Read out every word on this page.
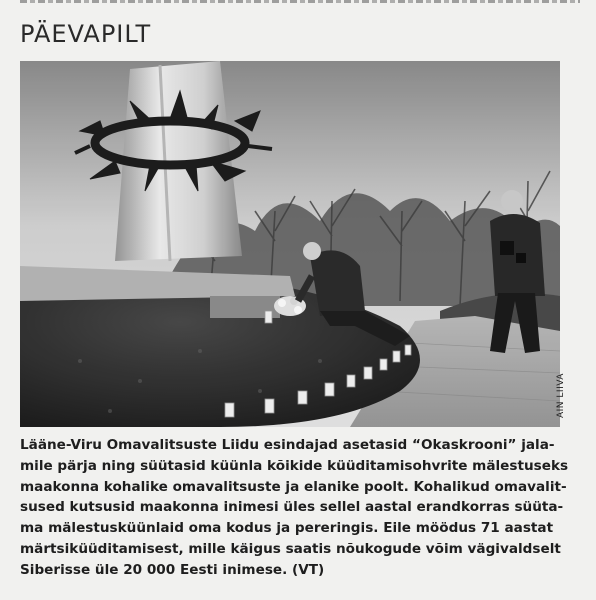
PÄEVAPILT
AIN LIIVA

Lääne-Viru Omavalitsuste Liidu esindajad asetasid “Okaskrooni” jala-
mile pärja ning süütasid küünla kõikide küüditamisohvrite mälestuseks
maakonna kohalike omavalitsuste ja elanike poolt. Kohalikud omavalit-
sused kutsusid maakonna inimesi üles sellel aastal erandkorras süüta-
ma mälestusküünlaid oma kodus ja pereringis. Eile möödus 71 aastat
märtsiküüditamisest, mille käigus saatis nõukogude võim vägivaldselt
Siberisse üle 20 000 Eesti inimese. (VT)
